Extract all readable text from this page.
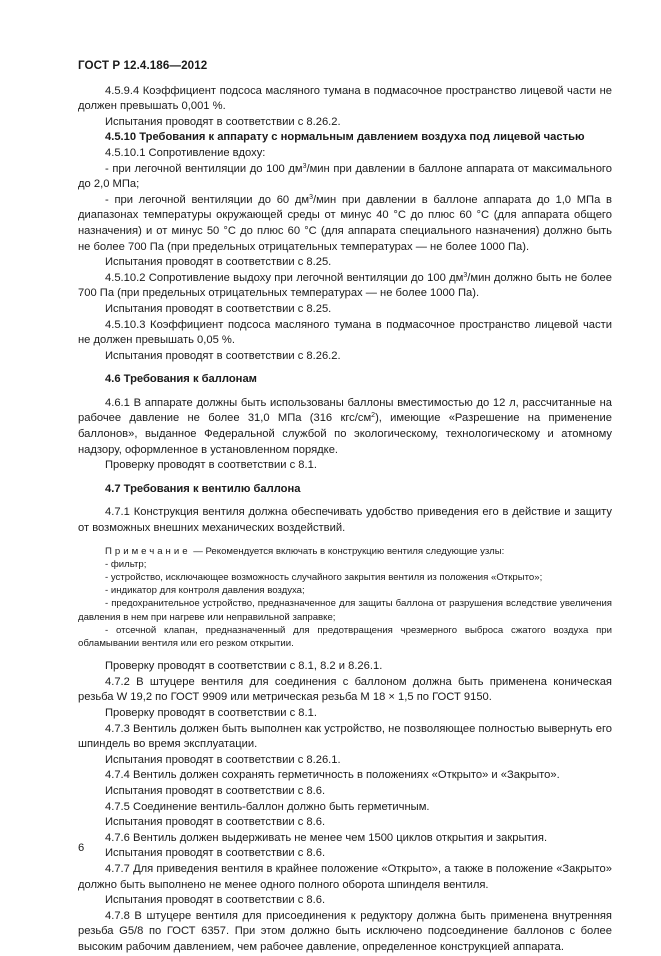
ГОСТ Р 12.4.186—2012

4.5.9.4 Коэффициент подсоса масляного тумана в подмасочное пространство лицевой части не должен превышать 0,001 %.

Испытания проводят в соответствии с 8.26.2.

4.5.10 Требования к аппарату с нормальным давлением воздуха под лицевой частью

4.5.10.1 Сопротивление вдоху:

- при легочной вентиляции до 100 $дм^3$/мин при давлении в баллоне аппарата от максимального до 2,0 МПа;

- при легочной вентиляции до 60 $дм^3$/мин при давлении в баллоне аппарата до 1,0 МПа в диапазонах температуры окружающей среды от минус 40 °С до плюс 60 °С (для аппарата общего назначения) и от минус 50 °С до плюс 60 °С (для аппарата специального назначения) должно быть не более 700 Па (при предельных отрицательных температурах — не более 1000 Па).

Испытания проводят в соответствии с 8.25.

4.5.10.2 Сопротивление выдоху при легочной вентиляции до 100 $дм^3$/мин должно быть не более 700 Па (при предельных отрицательных температурах — не более 1000 Па).

Испытания проводят в соответствии с 8.25.

4.5.10.3 Коэффициент подсоса масляного тумана в подмасочное пространство лицевой части не должен превышать 0,05 %.

Испытания проводят в соответствии с 8.26.2.

4.6 Требования к баллонам

4.6.1 В аппарате должны быть использованы баллоны вместимостью до 12 л, рассчитанные на рабочее давление не более 31,0 МПа (316 кгс/$см^2$), имеющие «Разрешение на применение баллонов», выданное Федеральной службой по экологическому, технологическому и атомному надзору, оформленное в установленном порядке.

Проверку проводят в соответствии с 8.1.

4.7 Требования к вентилю баллона

4.7.1 Конструкция вентиля должна обеспечивать удобство приведения его в действие и защиту от возможных внешних механических воздействий.

Примечание — Рекомендуется включать в конструкцию вентиля следующие узлы:

- фильтр;

- устройство, исключающее возможность случайного закрытия вентиля из положения «Открыто»;

- индикатор для контроля давления воздуха;

- предохранительное устройство, предназначенное для защиты баллона от разрушения вследствие увеличения давления в нем при нагреве или неправильной заправке;

- отсечной клапан, предназначенный для предотвращения чрезмерного выброса сжатого воздуха при обламывании вентиля или его резком открытии.

Проверку проводят в соответствии с 8.1, 8.2 и 8.26.1.

4.7.2 В штуцере вентиля для соединения с баллоном должна быть применена коническая резьба W 19,2 по ГОСТ 9909 или метрическая резьба М 18 × 1,5 по ГОСТ 9150.

Проверку проводят в соответствии с 8.1.

4.7.3 Вентиль должен быть выполнен как устройство, не позволяющее полностью вывернуть его шпиндель во время эксплуатации.

Испытания проводят в соответствии с 8.26.1.

4.7.4 Вентиль должен сохранять герметичность в положениях «Открыто» и «Закрыто».

Испытания проводят в соответствии с 8.6.

4.7.5 Соединение вентиль-баллон должно быть герметичным.

Испытания проводят в соответствии с 8.6.

4.7.6 Вентиль должен выдерживать не менее чем 1500 циклов открытия и закрытия.

Испытания проводят в соответствии с 8.6.

4.7.7 Для приведения вентиля в крайнее положение «Открыто», а также в положение «Закрыто» должно быть выполнено не менее одного полного оборота шпинделя вентиля.

Испытания проводят в соответствии с 8.6.

4.7.8 В штуцере вентиля для присоединения к редуктору должна быть применена внутренняя резьба G5/8 по ГОСТ 6357. При этом должно быть исключено подсоединение баллонов с более высоким рабочим давлением, чем рабочее давление, определенное конструкцией аппарата.

6
